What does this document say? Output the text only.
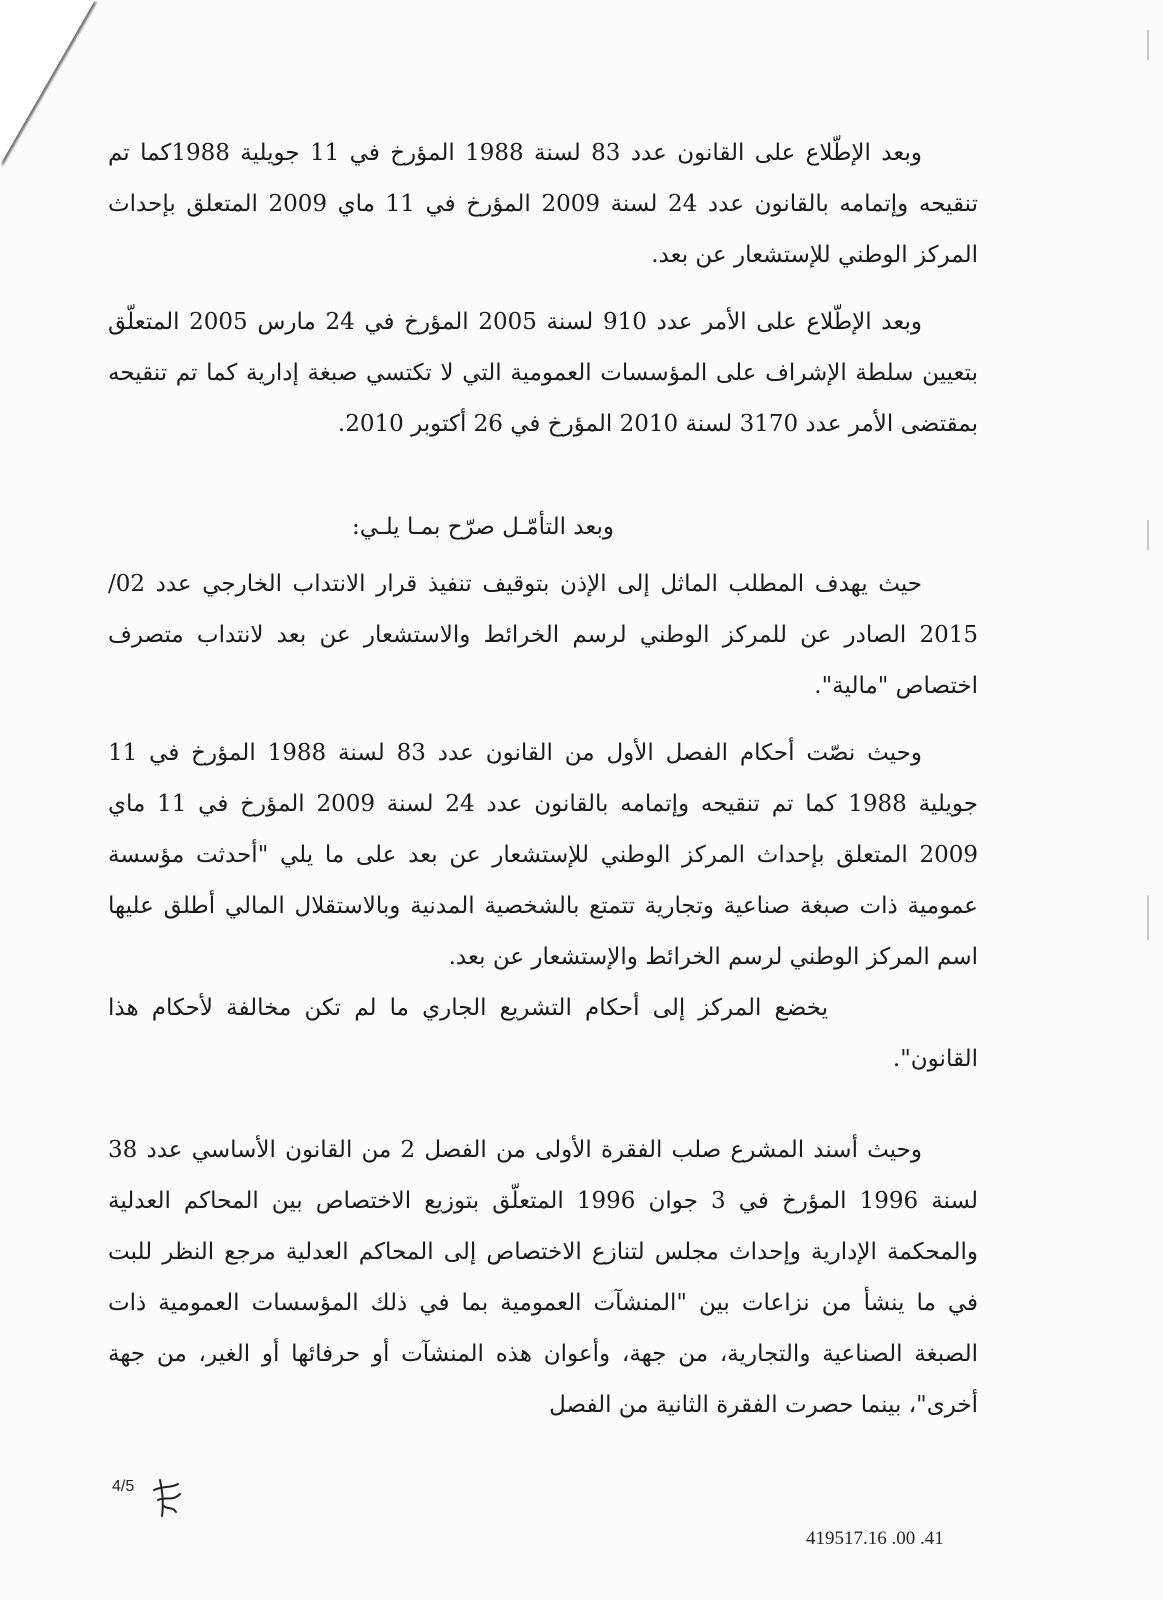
وبعد الإطّلاع على القانون عدد 83 لسنة 1988 المؤرخ في 11 جويلية 1988كما تم تنقيحه وإتمامه بالقانون عدد 24 لسنة 2009 المؤرخ في 11 ماي 2009 المتعلق بإحداث المركز الوطني للإستشعار عن بعد.

وبعد الإطّلاع على الأمر عدد 910 لسنة 2005 المؤرخ في 24 مارس 2005 المتعلّق بتعيين سلطة الإشراف على المؤسسات العمومية التي لا تكتسي صبغة إدارية كما تم تنقيحه بمقتضى الأمر عدد 3170 لسنة 2010 المؤرخ في 26 أكتوبر 2010.

وبعد التأمّـل صرّح بمـا يلـي:

حيث يهدف المطلب الماثل إلى الإذن بتوقيف تنفيذ قرار الانتداب الخارجي عدد 02/ 2015 الصادر عن للمركز الوطني لرسم الخرائط والاستشعار عن بعد لانتداب متصرف اختصاص "مالية".

وحيث نصّت أحكام الفصل الأول من القانون عدد 83 لسنة 1988 المؤرخ في 11 جويلية 1988 كما تم تنقيحه وإتمامه بالقانون عدد 24 لسنة 2009 المؤرخ في 11 ماي 2009 المتعلق بإحداث المركز الوطني للإستشعار عن بعد على ما يلي "أحدثت مؤسسة عمومية ذات صبغة صناعية وتجارية تتمتع بالشخصية المدنية وبالاستقلال المالي أطلق عليها اسم المركز الوطني لرسم الخرائط والإستشعار عن بعد.

يخضع المركز إلى أحكام التشريع الجاري ما لم تكن مخالفة لأحكام هذا القانون".

وحيث أسند المشرع صلب الفقرة الأولى من الفصل 2 من القانون الأساسي عدد 38 لسنة 1996 المؤرخ في 3 جوان 1996 المتعلّق بتوزيع الاختصاص بين المحاكم العدلية والمحكمة الإدارية وإحداث مجلس لتنازع الاختصاص إلى المحاكم العدلية مرجع النظر للبت في ما ينشأ من نزاعات بين "المنشآت العمومية بما في ذلك المؤسسات العمومية ذات الصبغة الصناعية والتجارية، من جهة، وأعوان هذه المنشآت أو حرفائها أو الغير، من جهة أخرى"، بينما حصرت الفقرة الثانية من الفصل

4/5
419517.16 .00 .41
